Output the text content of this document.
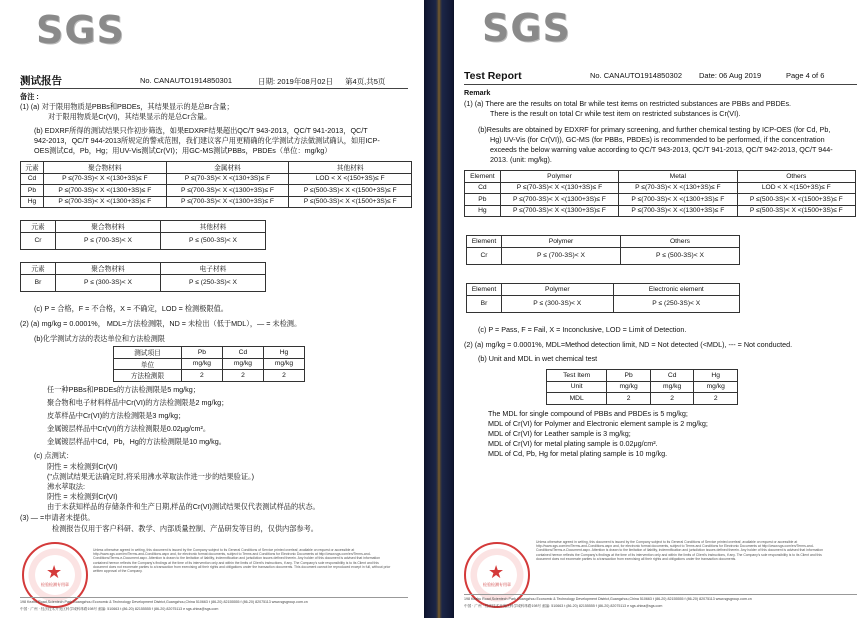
SGS
测试报告	No. CANAUTO1914850301	日期: 2019年08月02日 第4页,共5页
备注 :
(1) (a) 对于限用物质是PBBs和PBDEs，其结果显示的是总Br含量；
对于限用物质是Cr(VI)，其结果显示的是总Cr含量。
(b) EDXRF所得的测试结果只作初步筛选，如果EDXRF结果超出QC/T 943-2013，QC/T 941-2013，QC/T
942-2013，QC/T 944-2013所规定的警戒范围，我们建议客户用更精确的化学测试方法做测试确认，如用ICP-
OES测试Cd，Pb，Hg；用UV-Vis测试Cr(VI)；用GC-MS测试PBBs，PBDEs（单位：mg/kg）
元素	聚合物材料	金属材料	其他材料
Cd	P ≤(70-3S)< X <(130+3S)≤ F	P ≤(70-3S)< X <(130+3S)≤ F	LOD < X <(150+3S)≤ F
Pb	P ≤(700-3S)< X <(1300+3S)≤ F	P ≤(700-3S)< X <(1300+3S)≤ F	P ≤(500-3S)< X <(1500+3S)≤ F
Hg	P ≤(700-3S)< X <(1300+3S)≤ F	P ≤(700-3S)< X <(1300+3S)≤ F	P ≤(500-3S)< X <(1500+3S)≤ F
元素	聚合物材料	其他材料
Cr	P ≤ (700-3S)< X	P ≤ (500-3S)< X
元素	聚合物材料	电子材料
Br	P ≤ (300-3S)< X	P ≤ (250-3S)< X
(c) P = 合格，F = 不合格，X = 不确定，LOD = 检测极限值。
(2) (a) mg/kg = 0.0001%， MDL=方法检测限，ND = 未检出（低于MDL），— = 未检测。
(b)化学测试方法的表达单位和方法检测限
测试项目	Pb	Cd	Hg
单位	mg/kg	mg/kg	mg/kg
方法检测限	2	2	2
任一种PBBs和PBDEs的方法检测限是5 mg/kg；
聚合物和电子材料样品中Cr(VI)的方法检测限是2 mg/kg；
皮革样品中Cr(VI)的方法检测限是3 mg/kg；
金属镀层样品中Cr(VI)的方法检测限是0.02μg/cm²。
金属镀层样品中Cd，Pb，Hg的方法检测限是10 mg/kg。
(c) 点测试：
阴性 = 未检测到Cr(VI)
("点测试结果无法确定时,将采用沸水萃取法作进一步的结果验证。)
沸水萃取法:
阴性 = 未检测到Cr(VI)
由于未获知样品的存储条件和生产日期,样品的Cr(VI)测试结果仅代表测试样品的状态。
(3) — =申请者未提供。
检测报告仅用于客户科研、教学、内部质量控制、产品研发等目的，仅供内部参考。
★
检验检测专用章
Unless otherwise agreed in writing, this document is issued by the Company subject to its General Conditions of Service printed overleaf, available on request or accessible at http://www.sgs.com/en/Terms-and-Conditions.aspx and, for electronic format documents, subject to Terms and Conditions for Electronic Documents at http://www.sgs.com/en/Terms-and-Conditions/Terms-e-Document.aspx. Attention is drawn to the limitation of liability, indemnification and jurisdiction issues defined therein. Any holder of this document is advised that information contained hereon reflects the Company's findings at the time of its intervention only and within the limits of Client's instructions, if any. The Company's sole responsibility is to its Client and this document does not exonerate parties to a transaction from exercising all their rights and obligations under the transaction documents. This document cannot be reproduced except in full, without prior written approval of the Company.
198 Kezhu Road,Scientech Park Guangzhou Economic & Technology Development District,Guangzhou,China 510663 t (86-20) 82155555 f (86-20) 82075113 www.sgsgroup.com.cn
中国 · 广州 · 经济技术开发区科学城科珠路198号 邮编: 510663 t (86-20) 82155555 f (86-20) 82075113 e sgs.china@sgs.com
SGS
Test Report	No. CANAUTO1914850302 Date: 06 Aug 2019	Page 4 of 6
Remark
(1) (a) There are the results on total Br while test items on restricted substances are PBBs and PBDEs.
There is the result on total Cr while test item on restricted substances is Cr(VI).
(b)Results are obtained by EDXRF for primary screening, and further chemical testing by ICP-OES (for Cd, Pb,
Hg) UV-Vis (for Cr(VI)), GC-MS (for PBBs, PBDEs) is recommended to be performed, if the concentration
exceeds the below warning value according to QC/T 943-2013, QC/T 941-2013, QC/T 942-2013, QC/T 944-
2013. (unit: mg/kg).
Element	Polymer	Metal	Others
Cd	P ≤(70-3S)< X <(130+3S)≤ F	P ≤(70-3S)< X <(130+3S)≤ F	LOD < X <(150+3S)≤ F
Pb	P ≤(700-3S)< X <(1300+3S)≤ F	P ≤(700-3S)< X <(1300+3S)≤ F	P ≤(500-3S)< X <(1500+3S)≤ F
Hg	P ≤(700-3S)< X <(1300+3S)≤ F	P ≤(700-3S)< X <(1300+3S)≤ F	P ≤(500-3S)< X <(1500+3S)≤ F
Element	Polymer	Others
Cr	P ≤ (700-3S)< X	P ≤ (500-3S)< X
Element	Polymer	Electronic element
Br	P ≤ (300-3S)< X	P ≤ (250-3S)< X
(c) P = Pass, F = Fail, X = Inconclusive, LOD = Limit of Detection.
(2) (a) mg/kg = 0.0001%, MDL=Method detection limit, ND = Not detected (<MDL), --- = Not conducted.
(b) Unit and MDL in wet chemical test
Test Item	Pb	Cd	Hg
Unit	mg/kg	mg/kg	mg/kg
MDL	2	2	2
The MDL for single compound of PBBs and PBDEs is 5 mg/kg;
MDL of Cr(VI) for Polymer and Electronic element sample is 2 mg/kg;
MDL of Cr(VI) for Leather sample is 3 mg/kg;
MDL of Cr(VI) for metal plating sample is 0.02μg/cm².
MDL of Cd, Pb, Hg for metal plating sample is 10 mg/kg.
★
检验检测专用章
Unless otherwise agreed in writing, this document is issued by the Company subject to its General Conditions of Service printed overleaf, available on request or accessible at http://www.sgs.com/en/Terms-and-Conditions.aspx and, for electronic format documents, subject to Terms and Conditions for Electronic Documents at http://www.sgs.com/en/Terms-and-Conditions/Terms-e-Document.aspx. Attention is drawn to the limitation of liability, indemnification and jurisdiction issues defined therein. Any holder of this document is advised that information contained hereon reflects the Company's findings at the time of its intervention only and within the limits of Client's instructions, if any. The Company's sole responsibility is to its Client and this document does not exonerate parties to a transaction from exercising all their rights and obligations under the transaction documents.
198 Kezhu Road,Scientech Park Guangzhou Economic & Technology Development District,Guangzhou,China 510663 t (86-20) 82155555 f (86-20) 82075113 www.sgsgroup.com.cn
中国 · 广州 · 经济技术开发区科学城科珠路198号 邮编: 510663 t (86-20) 82155555 f (86-20) 82075113 e sgs.china@sgs.com
